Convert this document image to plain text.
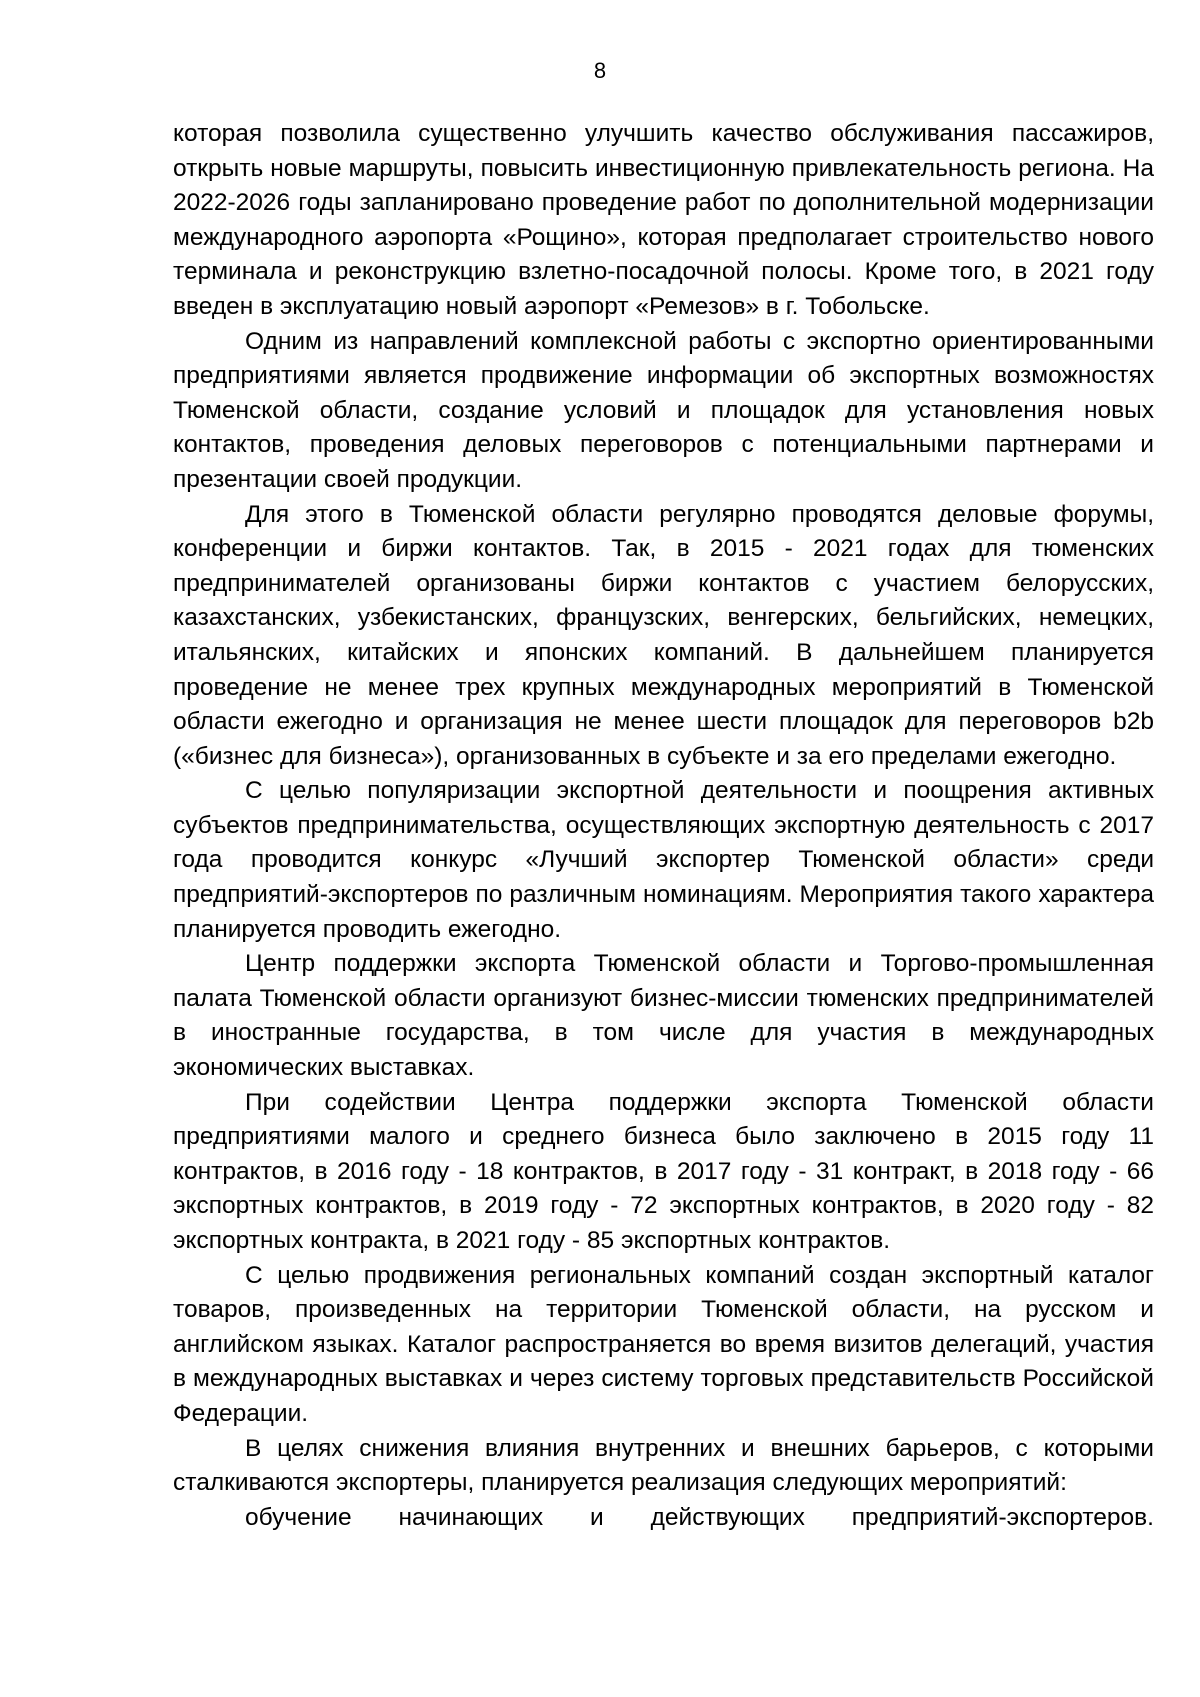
8

которая позволила существенно улучшить качество обслуживания пассажиров, открыть новые маршруты, повысить инвестиционную привлекательность региона. На 2022-2026 годы запланировано проведение работ по дополнительной модернизации международного аэропорта «Рощино», которая предполагает строительство нового терминала и реконструкцию взлетно-посадочной полосы. Кроме того, в 2021 году введен в эксплуатацию новый аэропорт «Ремезов» в г. Тобольске.

Одним из направлений комплексной работы с экспортно ориентированными предприятиями является продвижение информации об экспортных возможностях Тюменской области, создание условий и площадок для установления новых контактов, проведения деловых переговоров с потенциальными партнерами и презентации своей продукции.

Для этого в Тюменской области регулярно проводятся деловые форумы, конференции и биржи контактов. Так, в 2015 - 2021 годах для тюменских предпринимателей организованы биржи контактов с участием белорусских, казахстанских, узбекистанских, французских, венгерских, бельгийских, немецких, итальянских, китайских и японских компаний. В дальнейшем планируется проведение не менее трех крупных международных мероприятий в Тюменской области ежегодно и организация не менее шести площадок для переговоров b2b («бизнес для бизнеса»), организованных в субъекте и за его пределами ежегодно.

С целью популяризации экспортной деятельности и поощрения активных субъектов предпринимательства, осуществляющих экспортную деятельность с 2017 года проводится конкурс «Лучший экспортер Тюменской области» среди предприятий-экспортеров по различным номинациям. Мероприятия такого характера планируется проводить ежегодно.

Центр поддержки экспорта Тюменской области и Торгово-промышленная палата Тюменской области организуют бизнес-миссии тюменских предпринимателей в иностранные государства, в том числе для участия в международных экономических выставках.

При содействии Центра поддержки экспорта Тюменской области предприятиями малого и среднего бизнеса было заключено в 2015 году 11 контрактов, в 2016 году - 18 контрактов, в 2017 году - 31 контракт, в 2018 году - 66 экспортных контрактов, в 2019 году - 72 экспортных контрактов, в 2020 году - 82 экспортных контракта, в 2021 году - 85 экспортных контрактов.

С целью продвижения региональных компаний создан экспортный каталог товаров, произведенных на территории Тюменской области, на русском и английском языках. Каталог распространяется во время визитов делегаций, участия в международных выставках и через систему торговых представительств Российской Федерации.

В целях снижения влияния внутренних и внешних барьеров, с которыми сталкиваются экспортеры, планируется реализация следующих мероприятий:

обучение начинающих и действующих предприятий-экспортеров.
